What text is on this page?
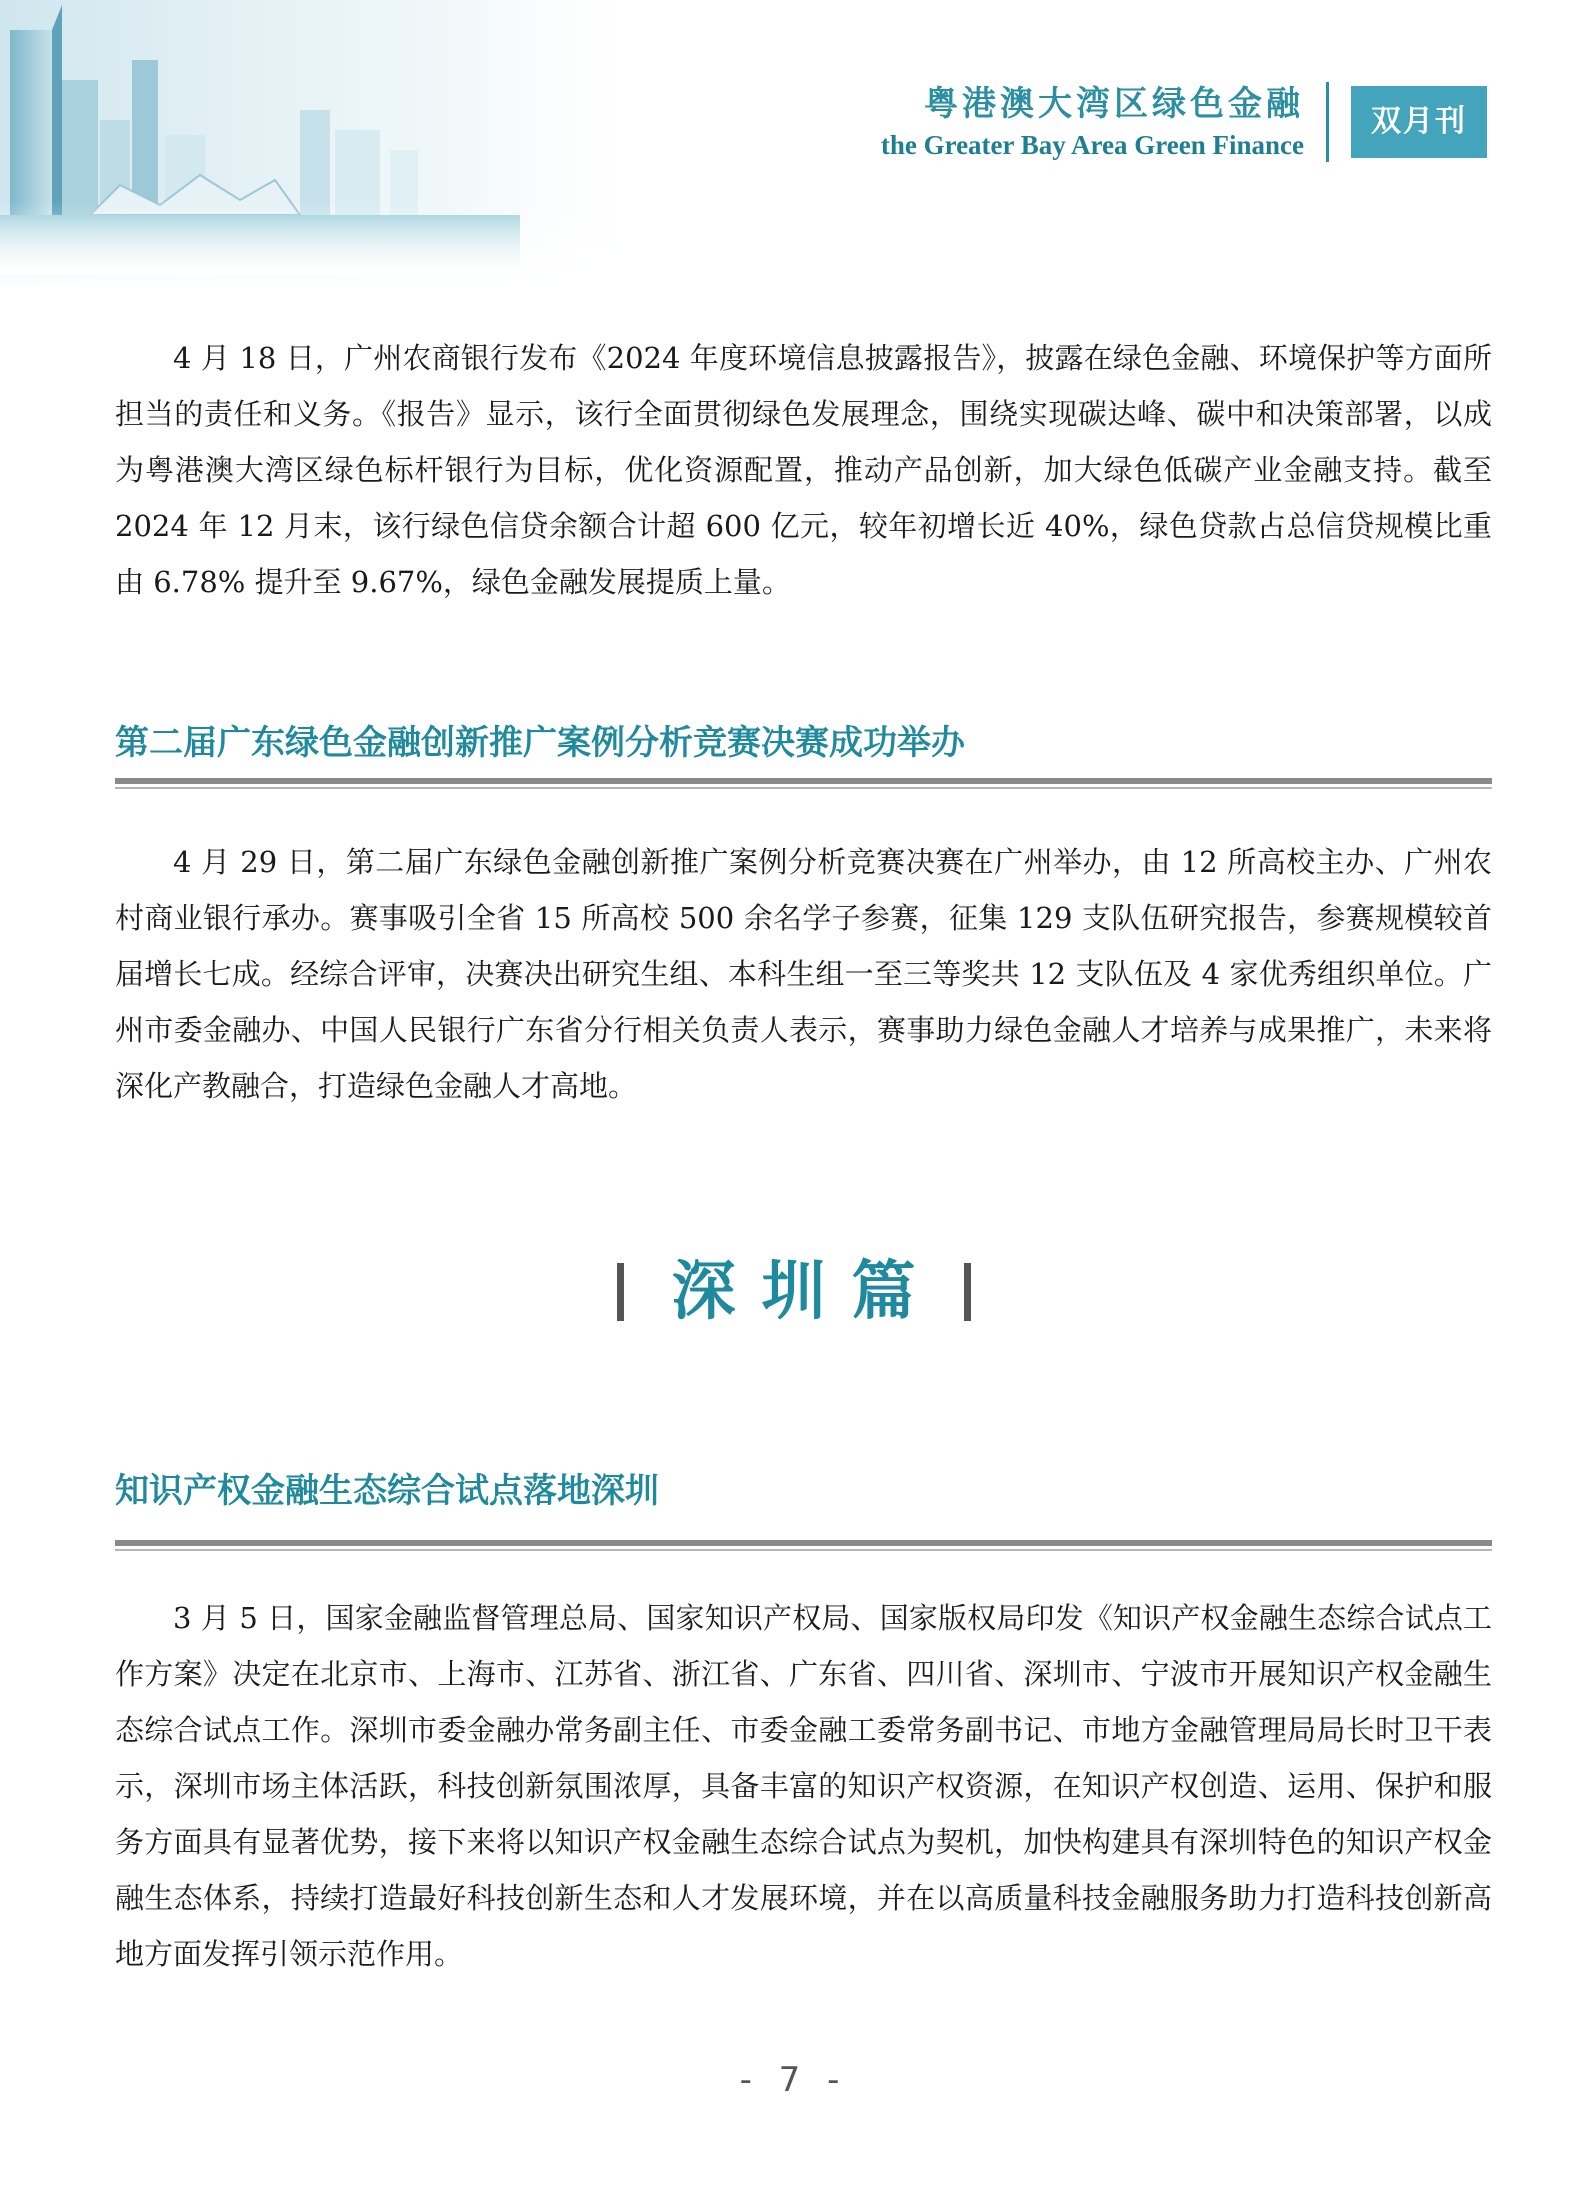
粤港澳大湾区绿色金融
the Greater Bay Area Green Finance
双月刊

4 月 18 日，广州农商银行发布《2024 年度环境信息披露报告》，披露在绿色金融、环境保护等方面所担当的责任和义务。《报告》显示，该行全面贯彻绿色发展理念，围绕实现碳达峰、碳中和决策部署，以成为粤港澳大湾区绿色标杆银行为目标，优化资源配置，推动产品创新，加大绿色低碳产业金融支持。截至 2024 年 12 月末，该行绿色信贷余额合计超 600 亿元，较年初增长近 40%，绿色贷款占总信贷规模比重由 6.78% 提升至 9.67%，绿色金融发展提质上量。

第二届广东绿色金融创新推广案例分析竞赛决赛成功举办

4 月 29 日，第二届广东绿色金融创新推广案例分析竞赛决赛在广州举办，由 12 所高校主办、广州农村商业银行承办。赛事吸引全省 15 所高校 500 余名学子参赛，征集 129 支队伍研究报告，参赛规模较首届增长七成。经综合评审，决赛决出研究生组、本科生组一至三等奖共 12 支队伍及 4 家优秀组织单位。广州市委金融办、中国人民银行广东省分行相关负责人表示，赛事助力绿色金融人才培养与成果推广，未来将深化产教融合，打造绿色金融人才高地。

深圳篇
知识产权金融生态综合试点落地深圳

3 月 5 日，国家金融监督管理总局、国家知识产权局、国家版权局印发《知识产权金融生态综合试点工作方案》决定在北京市、上海市、江苏省、浙江省、广东省、四川省、深圳市、宁波市开展知识产权金融生态综合试点工作。深圳市委金融办常务副主任、市委金融工委常务副书记、市地方金融管理局局长时卫干表示，深圳市场主体活跃，科技创新氛围浓厚，具备丰富的知识产权资源，在知识产权创造、运用、保护和服务方面具有显著优势，接下来将以知识产权金融生态综合试点为契机，加快构建具有深圳特色的知识产权金融生态体系，持续打造最好科技创新生态和人才发展环境，并在以高质量科技金融服务助力打造科技创新高地方面发挥引领示范作用。

- 7 -
